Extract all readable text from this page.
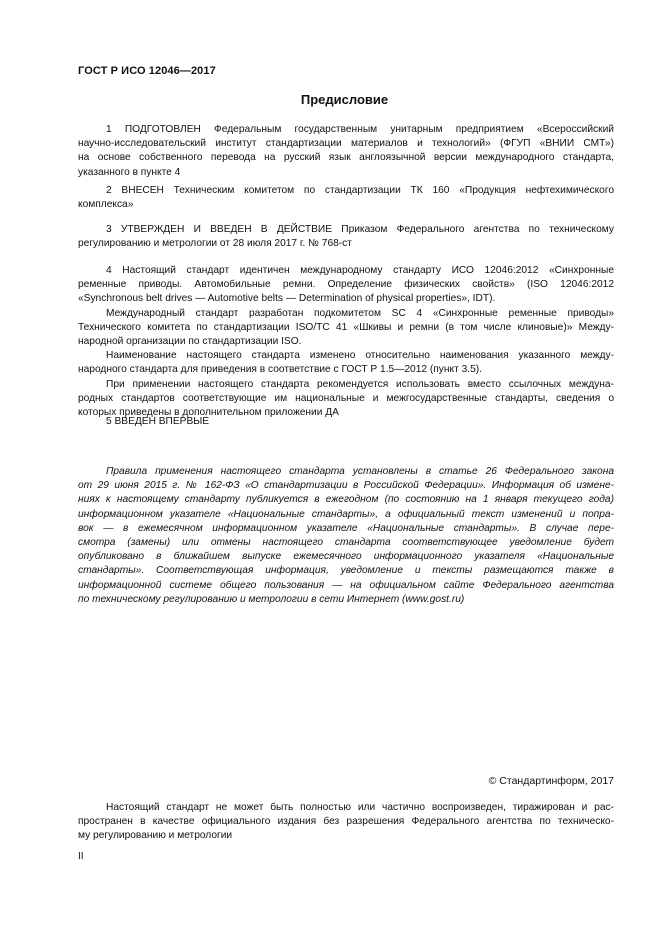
ГОСТ Р ИСО 12046—2017
Предисловие
1 ПОДГОТОВЛЕН Федеральным государственным унитарным предприятием «Всероссийский
научно-исследовательский институт стандартизации материалов и технологий» (ФГУП «ВНИИ СМТ»)
на основе собственного перевода на русский язык англоязычной версии международного стандарта,
указанного в пункте 4
2 ВНЕСЕН Техническим комитетом по стандартизации ТК 160 «Продукция нефтехимического
комплекса»
3 УТВЕРЖДЕН И ВВЕДЕН В ДЕЙСТВИЕ Приказом Федерального агентства по техническому
регулированию и метрологии от 28 июля 2017 г. № 768-ст
4 Настоящий стандарт идентичен международному стандарту ИСО 12046:2012 «Синхронные
ременные приводы. Автомобильные ремни. Определение физических свойств» (ISO 12046:2012
«Synchronous belt drives — Automotive belts — Determination of physical properties», IDT).
Международный стандарт разработан подкомитетом SC 4 «Синхронные ременные приводы»
Технического комитета по стандартизации ISO/TC 41 «Шкивы и ремни (в том числе клиновые)» Между-
народной организации по стандартизации ISO.
Наименование настоящего стандарта изменено относительно наименования указанного между-
народного стандарта для приведения в соответствие с ГОСТ Р 1.5—2012 (пункт 3.5).
При применении настоящего стандарта рекомендуется использовать вместо ссылочных междуна-
родных стандартов соответствующие им национальные и межгосударственные стандарты, сведения о
которых приведены в дополнительном приложении ДА
5 ВВЕДЕН ВПЕРВЫЕ
Правила применения настоящего стандарта установлены в статье 26 Федерального закона
от 29 июня 2015 г. № 162-ФЗ «О стандартизации в Российской Федерации». Информация об измене-
ниях к настоящему стандарту публикуется в ежегодном (по состоянию на 1 января текущего года)
информационном указателе «Национальные стандарты», а официальный текст изменений и попра-
вок — в ежемесячном информационном указателе «Национальные стандарты». В случае пере-
смотра (замены) или отмены настоящего стандарта соответствующее уведомление будет
опубликовано в ближайшем выпуске ежемесячного информационного указателя «Национальные
стандарты». Соответствующая информация, уведомление и тексты размещаются также в
информационной системе общего пользования — на официальном сайте Федерального агентства
по техническому регулированию и метрологии в сети Интернет (www.gost.ru)
© Стандартинформ, 2017
Настоящий стандарт не может быть полностью или частично воспроизведен, тиражирован и рас-
пространен в качестве официального издания без разрешения Федерального агентства по техническо-
му регулированию и метрологии
II
